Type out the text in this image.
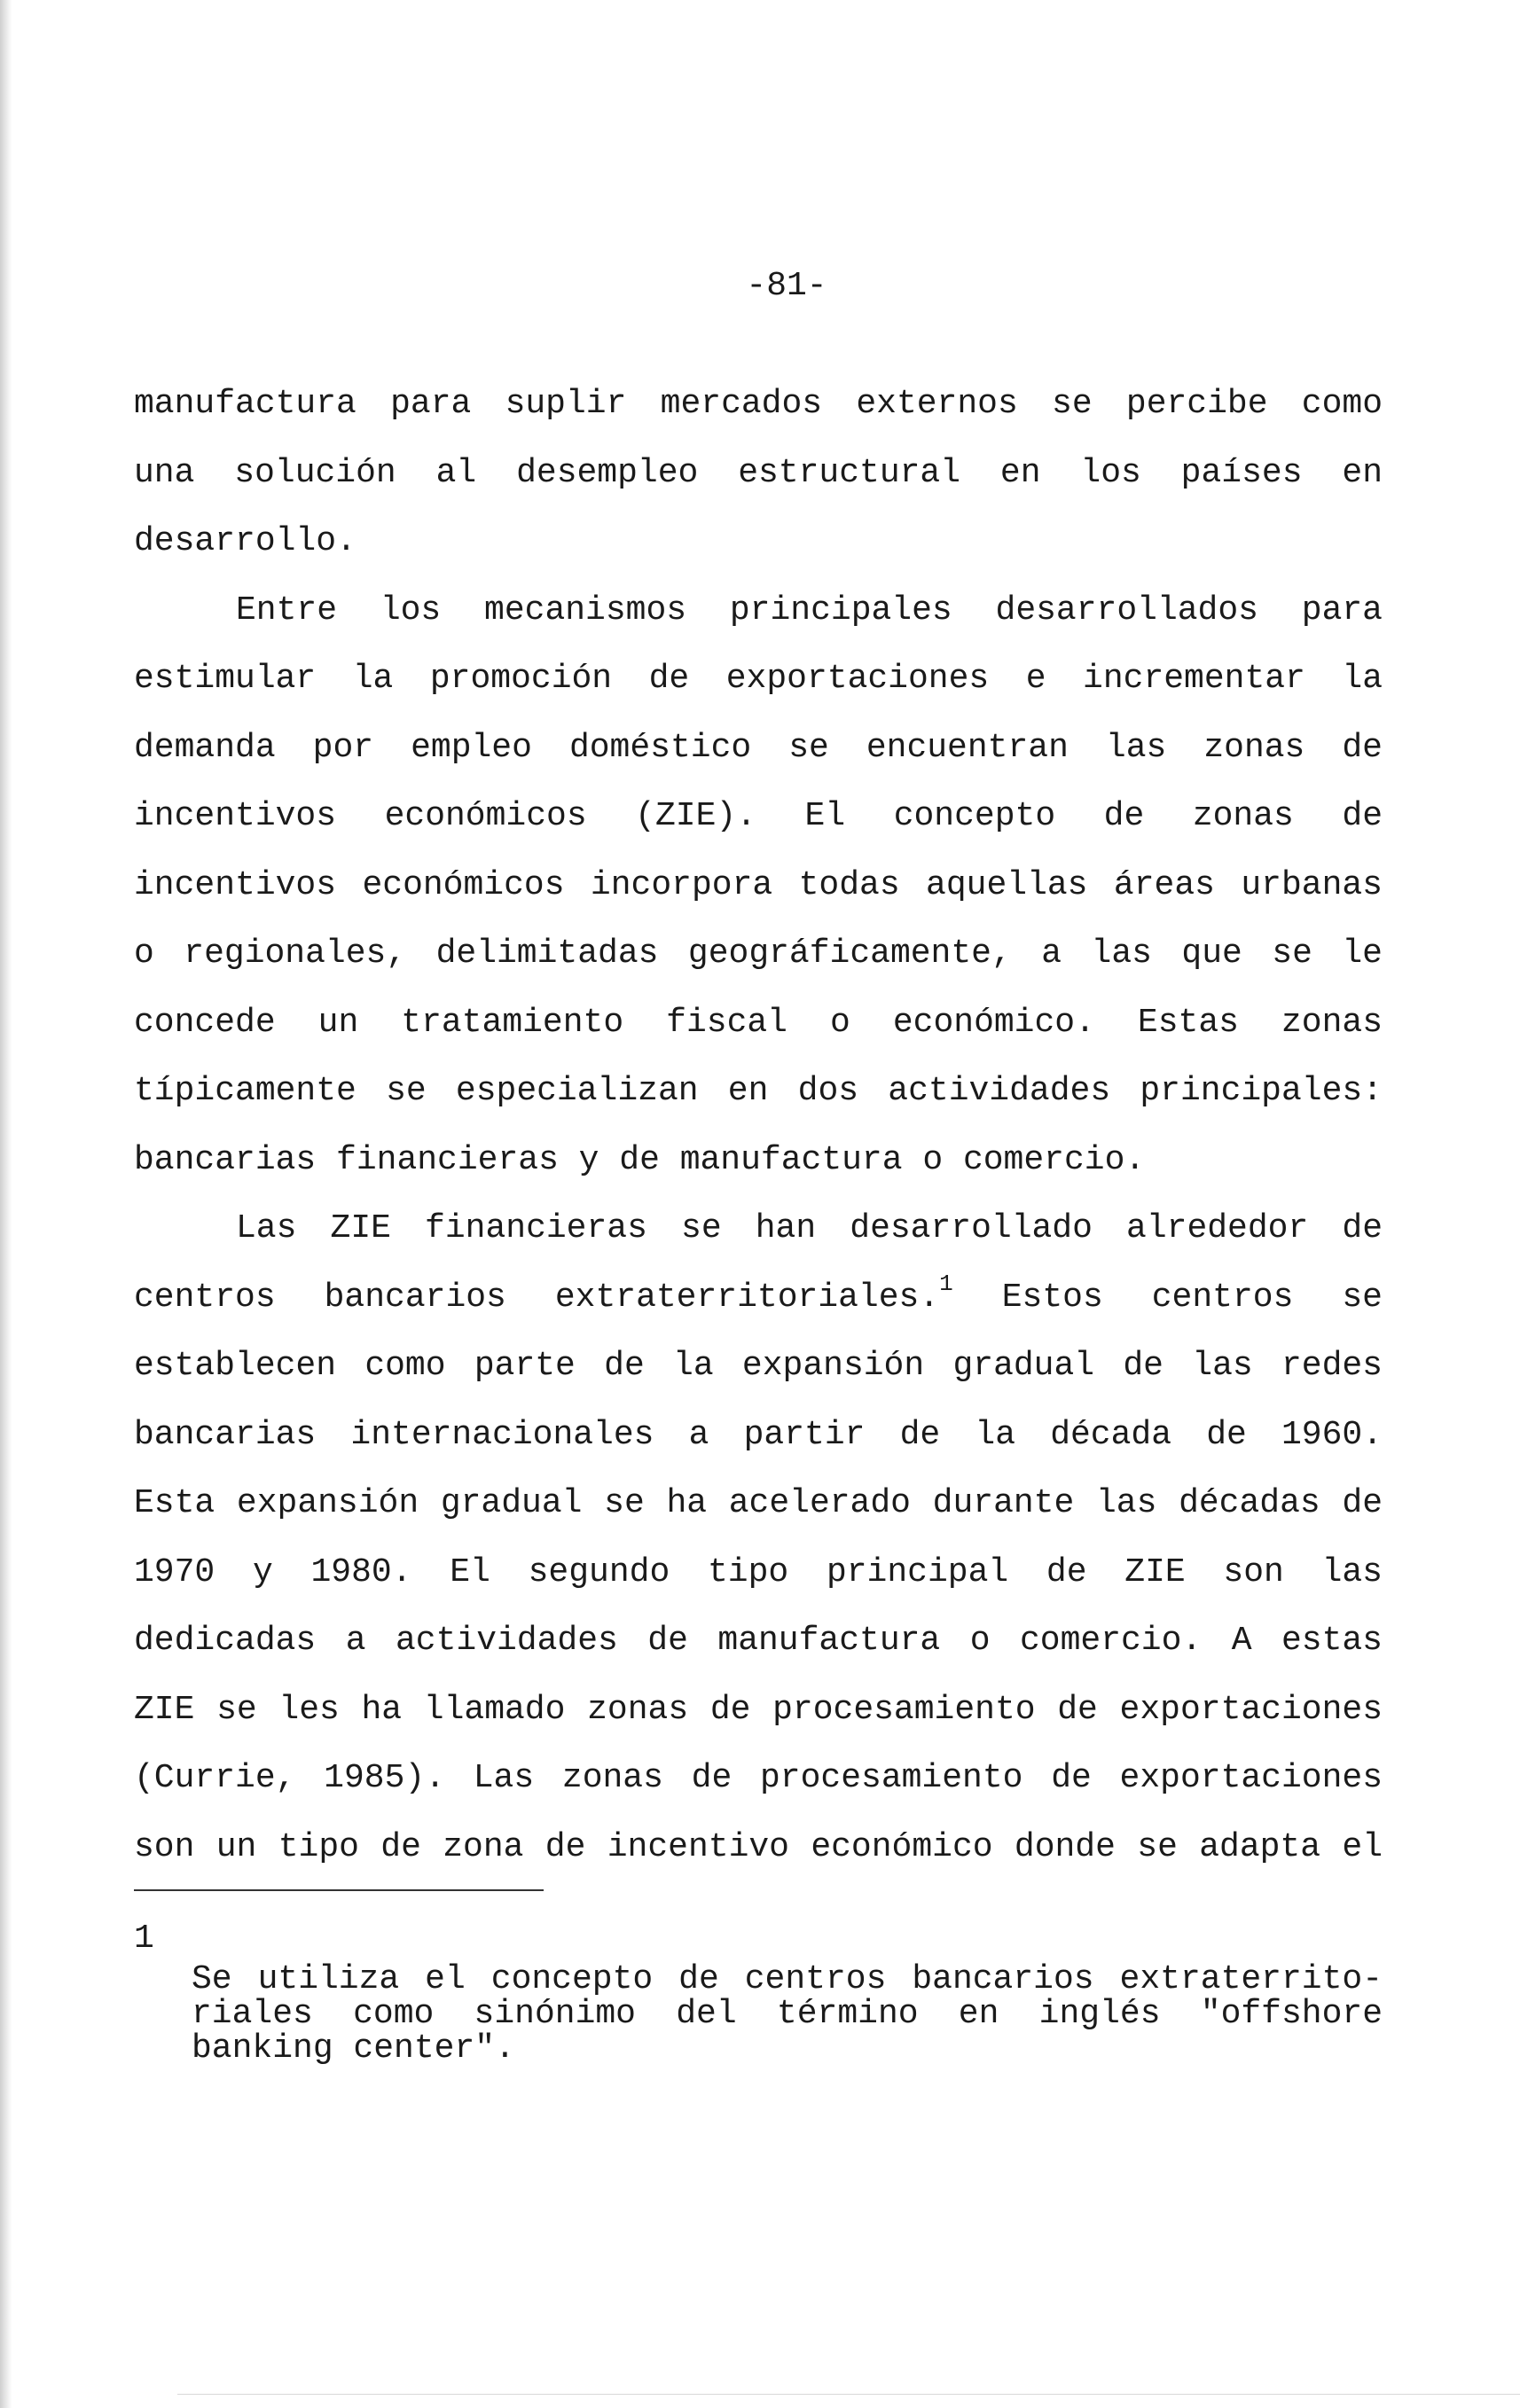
-81-

manufactura para suplir mercados externos se percibe como
una solución al desempleo estructural en los países en
desarrollo.
Entre los mecanismos principales desarrollados para
estimular la promoción de exportaciones e incrementar la
demanda por empleo doméstico se encuentran las zonas de
incentivos económicos (ZIE). El concepto de zonas de
incentivos económicos incorpora todas aquellas áreas urbanas
o regionales, delimitadas geográficamente, a las que se le
concede un tratamiento fiscal o económico. Estas zonas
típicamente se especializan en dos actividades principales:
bancarias financieras y de manufactura o comercio.
Las ZIE financieras se han desarrollado alrededor de
centros bancarios extraterritoriales.$^1$ Estos centros se
establecen como parte de la expansión gradual de las redes
bancarias internacionales a partir de la década de 1960.
Esta expansión gradual se ha acelerado durante las décadas de
1970 y 1980. El segundo tipo principal de ZIE son las
dedicadas a actividades de manufactura o comercio. A estas
ZIE se les ha llamado zonas de procesamiento de exportaciones
(Currie, 1985). Las zonas de procesamiento de exportaciones
son un tipo de zona de incentivo económico donde se adapta el

1

Se utiliza el concepto de centros bancarios extraterrito-
riales como sinónimo del término en inglés "offshore
banking center".
